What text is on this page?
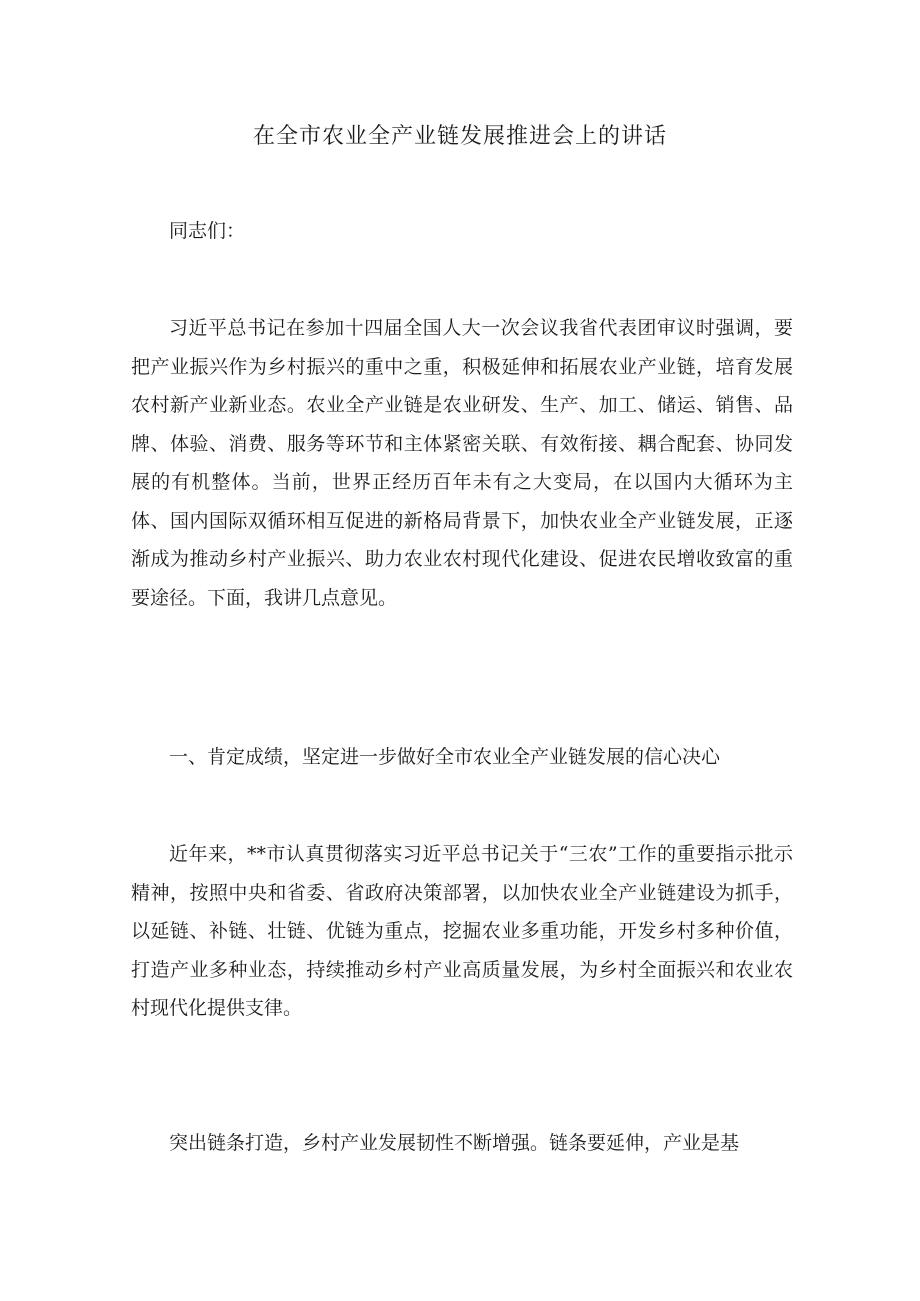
在全市农业全产业链发展推进会上的讲话

同志们：

习近平总书记在参加十四届全国人大一次会议我省代表团审议时强调，要把产业振兴作为乡村振兴的重中之重，积极延伸和拓展农业产业链，培育发展农村新产业新业态。农业全产业链是农业研发、生产、加工、储运、销售、品牌、体验、消费、服务等环节和主体紧密关联、有效衔接、耦合配套、协同发展的有机整体。当前，世界正经历百年未有之大变局，在以国内大循环为主体、国内国际双循环相互促进的新格局背景下，加快农业全产业链发展，正逐渐成为推动乡村产业振兴、助力农业农村现代化建设、促进农民增收致富的重要途径。下面，我讲几点意见。

一、肯定成绩，坚定进一步做好全市农业全产业链发展的信心决心

近年来，**市认真贯彻落实习近平总书记关于“三农”工作的重要指示批示精神，按照中央和省委、省政府决策部署，以加快农业全产业链建设为抓手，以延链、补链、壮链、优链为重点，挖掘农业多重功能，开发乡村多种价值，打造产业多种业态，持续推动乡村产业高质量发展，为乡村全面振兴和农业农村现代化提供支律。

突出链条打造，乡村产业发展韧性不断增强。链条要延伸，产业是基
